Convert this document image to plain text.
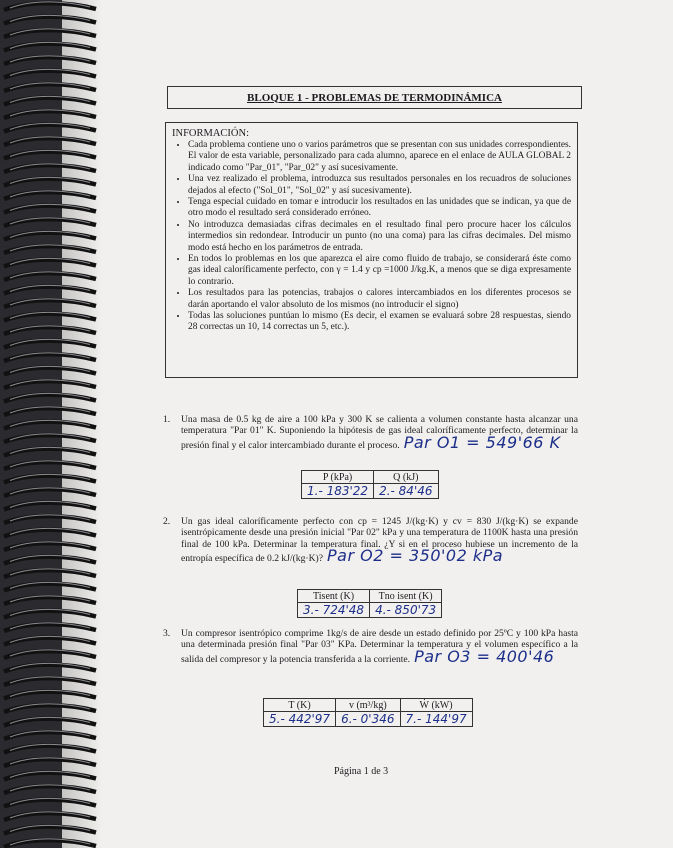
BLOQUE 1 - PROBLEMAS DE TERMODINÁMICA
INFORMACIÓN:
• Cada problema contiene uno o varios parámetros que se presentan con sus unidades correspondientes. El valor de esta variable, personalizado para cada alumno, aparece en el enlace de AULA GLOBAL 2 indicado como "Par_01", "Par_02" y así sucesivamente.
• Una vez realizado el problema, introduzca sus resultados personales en los recuadros de soluciones dejados al efecto ("Sol_01", "Sol_02" y así sucesivamente).
• Tenga especial cuidado en tomar e introducir los resultados en las unidades que se indican, ya que de otro modo el resultado será considerado erróneo.
• No introduzca demasiadas cifras decimales en el resultado final pero procure hacer los cálculos intermedios sin redondear. Introducir un punto (no una coma) para las cifras decimales. Del mismo modo está hecho en los parámetros de entrada.
• En todos lo problemas en los que aparezca el aire como fluido de trabajo, se considerará éste como gas ideal caloríficamente perfecto, con γ = 1.4 y cp =1000 J/kg.K, a menos que se diga expresamente lo contrario.
• Los resultados para las potencias, trabajos o calores intercambiados en los diferentes procesos se darán aportando el valor absoluto de los mismos (no introducir el signo)
• Todas las soluciones puntúan lo mismo (Es decir, el examen se evaluará sobre 28 respuestas, siendo 28 correctas un 10, 14 correctas un 5, etc.).
1. Una masa de 0.5 kg de aire a 100 kPa y 300 K se calienta a volumen constante hasta alcanzar una temperatura "Par 01" K. Suponiendo la hipótesis de gas ideal caloríficamente perfecto, determinar la presión final y el calor intercambiado durante el proceso. Par O1 = 549'66 K
P (kPa)	Q (kJ)
1.- 183'22	2.- 84'46
2. Un gas ideal caloríficamente perfecto con cp = 1245 J/(kg·K) y cv = 830 J/(kg·K) se expande isentrópicamente desde una presión inicial "Par 02" kPa y una temperatura de 1100K hasta una presión final de 100 kPa. Determinar la temperatura final. ¿Y si en el proceso hubiese un incremento de la entropía específica de 0.2 kJ/(kg·K)? Par O2 = 350'02 kPa
Tisent (K)	Tno isent (K)
3.- 724'48	4.- 850'73
3. Un compresor isentrópico comprime 1kg/s de aire desde un estado definido por 25ºC y 100 kPa hasta una determinada presión final "Par 03" KPa. Determinar la temperatura y el volumen específico a la salida del compresor y la potencia transferida a la corriente. Par O3 = 400'46
T (K)	v (m³/kg)	Ẇ (kW)
5.- 442'97	6.- 0'346	7.- 144'97
Página 1 de 3
